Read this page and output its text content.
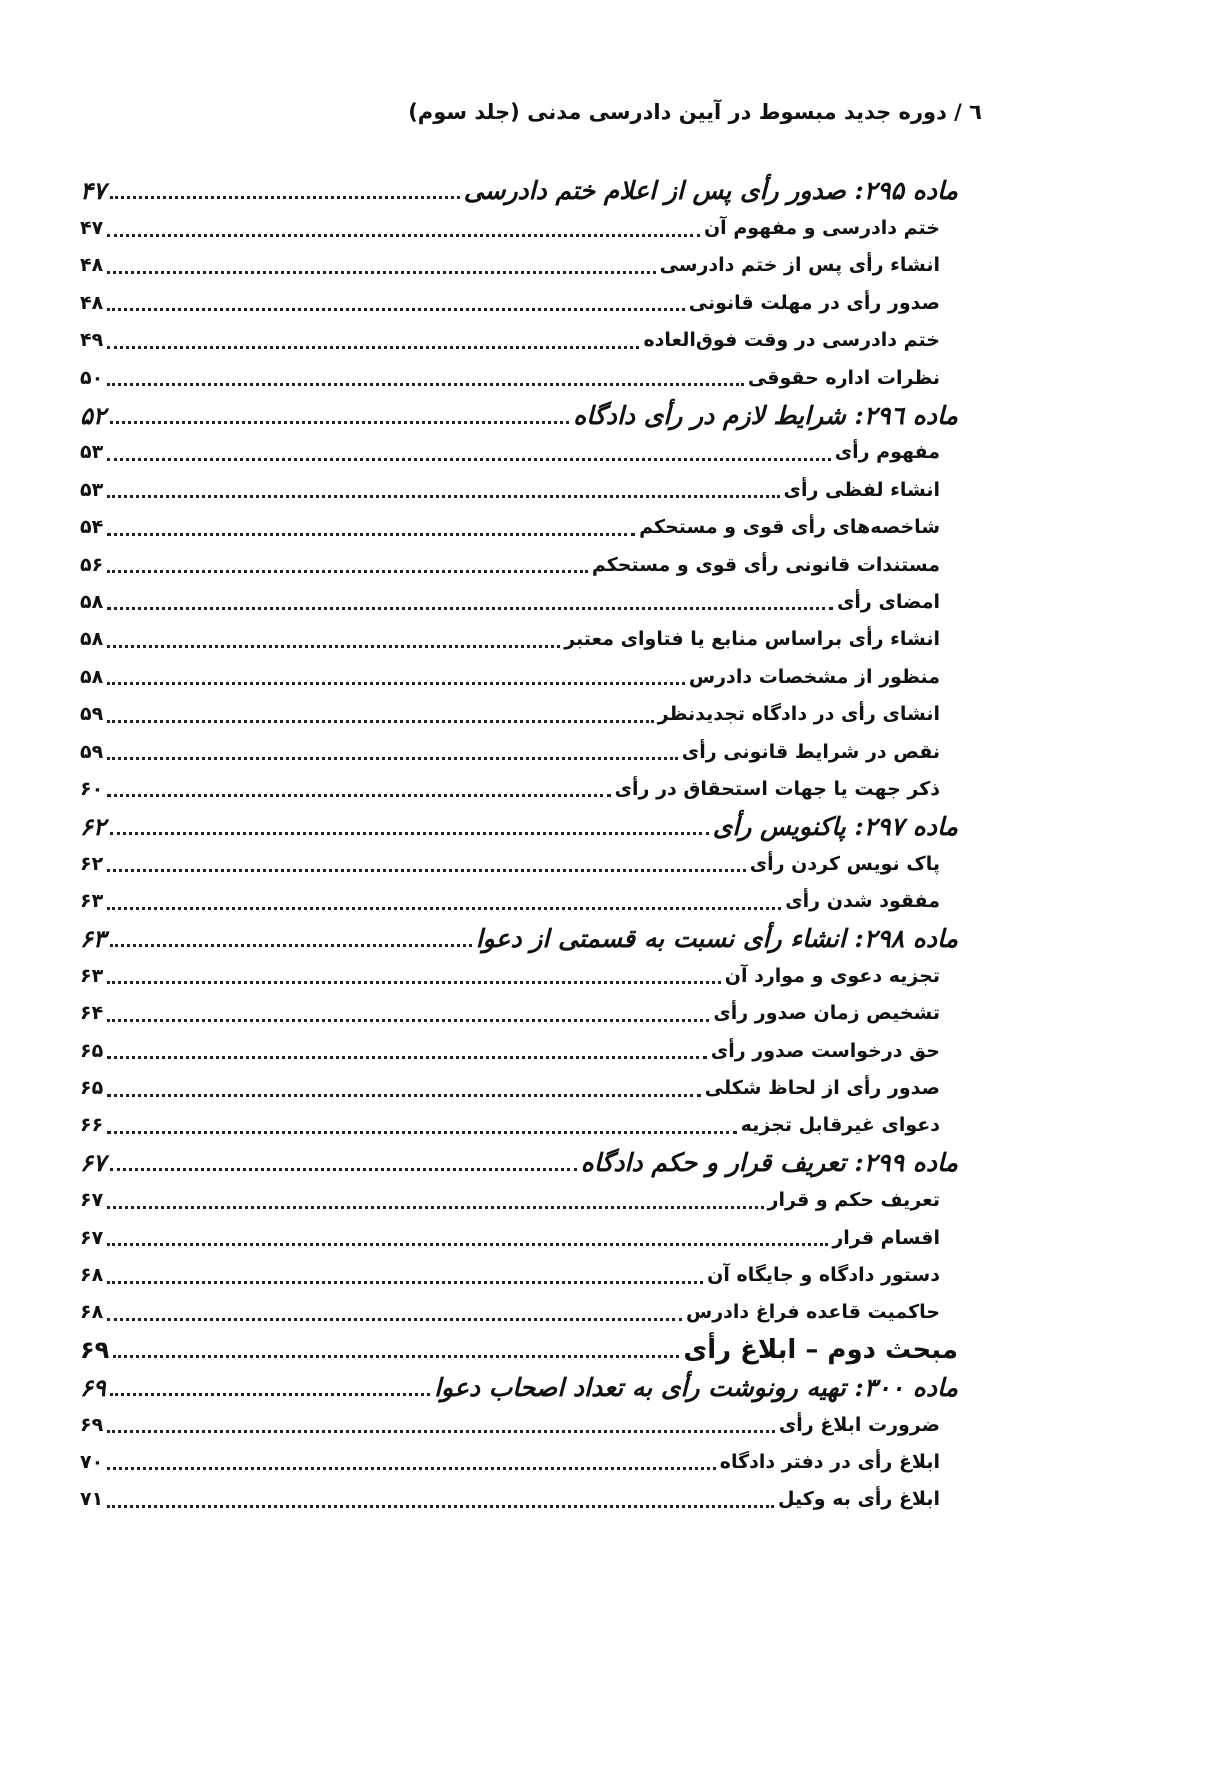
٦ / دوره جدید مبسوط در آیین دادرسی مدنی (جلد سوم)
ماده ۲۹۵: صدور رأی پس از اعلام ختم دادرسی
۴۷
ختم دادرسی و مفهوم آن
۴۷
انشاء رأی پس از ختم دادرسی
۴۸
صدور رأی در مهلت قانونی
۴۸
ختم دادرسی در وقت فوق‌العاده
۴۹
نظرات اداره حقوقی
۵۰
ماده ۲۹٦: شرایط لازم در رأی دادگاه
۵۲
مفهوم رأی
۵۳
انشاء لفظی رأی
۵۳
شاخصه‌های رأی قوی و مستحکم
۵۴
مستندات قانونی رأی قوی و مستحکم
۵۶
امضای رأی
۵۸
انشاء رأی براساس منابع یا فتاوای معتبر
۵۸
منظور از مشخصات دادرس
۵۸
انشای رأی در دادگاه تجدیدنظر
۵۹
نقص در شرایط قانونی رأی
۵۹
ذکر جهت یا جهات استحقاق در رأی
۶۰
ماده ۲۹۷: پاکنویس رأی
۶۲
پاک نویس کردن رأی
۶۲
مفقود شدن رأی
۶۳
ماده ۲۹۸: انشاء رأی نسبت به قسمتی از دعوا
۶۳
تجزیه دعوی و موارد آن
۶۳
تشخیص زمان صدور رأی
۶۴
حق درخواست صدور رأی
۶۵
صدور رأی از لحاظ شکلی
۶۵
دعوای غیرقابل تجزیه
۶۶
ماده ۲۹۹: تعریف قرار و حکم دادگاه
۶۷
تعریف حکم و قرار
۶۷
اقسام قرار
۶۷
دستور دادگاه و جایگاه آن
۶۸
حاکمیت قاعده فراغ دادرس
۶۸
مبحث دوم – ابلاغ رأی
۶۹
ماده ۳۰۰: تهیه رونوشت رأی به تعداد اصحاب دعوا
۶۹
ضرورت ابلاغ رأی
۶۹
ابلاغ رأی در دفتر دادگاه
۷۰
ابلاغ رأی به وکیل
۷۱
